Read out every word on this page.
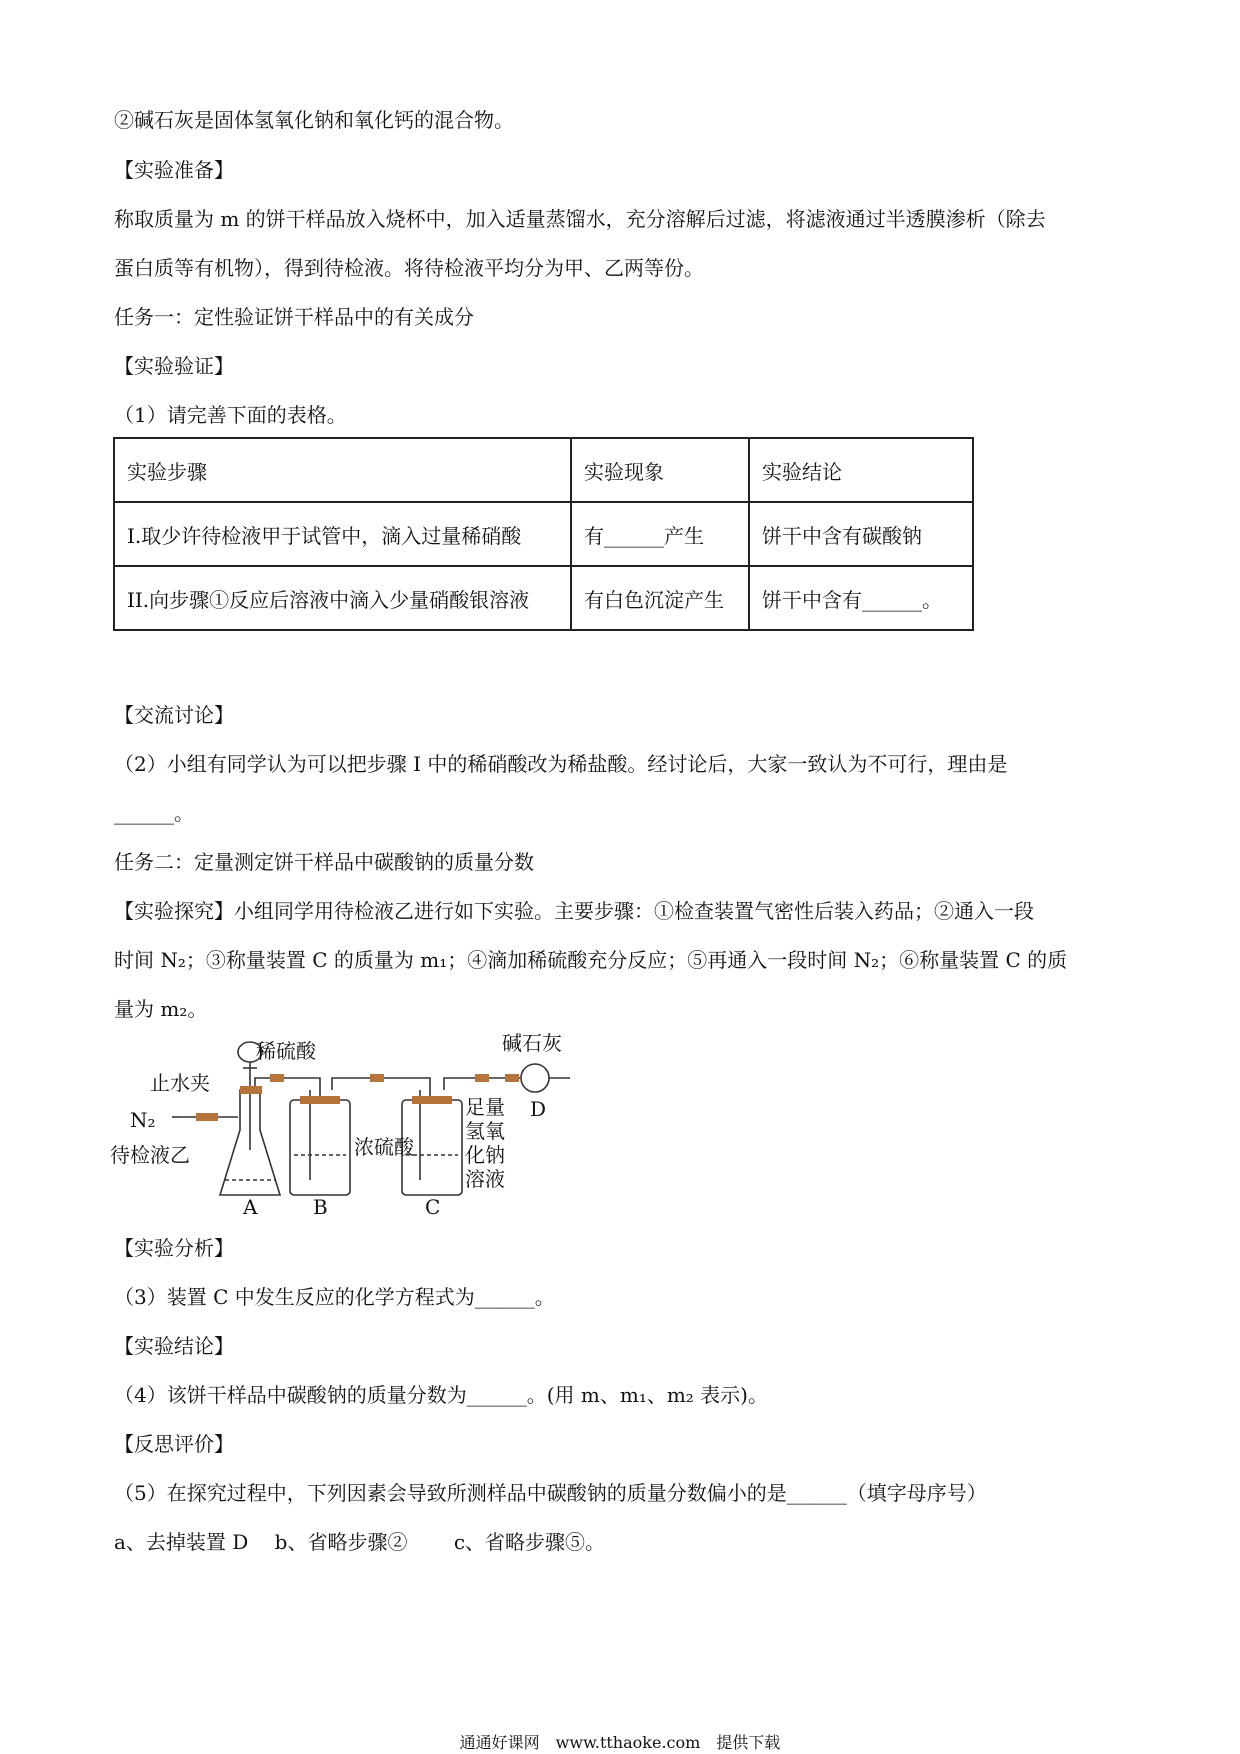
②碱石灰是固体氢氧化钠和氧化钙的混合物。
【实验准备】
称取质量为 m 的饼干样品放入烧杯中，加入适量蒸馏水，充分溶解后过滤，将滤液通过半透膜渗析（除去
蛋白质等有机物），得到待检液。将待检液平均分为甲、乙两等份。
任务一：定性验证饼干样品中的有关成分
【实验验证】
（1）请完善下面的表格。
实验步骤	实验现象	实验结论
I.取少许待检液甲于试管中，滴入过量稀硝酸	有______产生	饼干中含有碳酸钠
II.向步骤①反应后溶液中滴入少量硝酸银溶液	有白色沉淀产生	饼干中含有______。
【交流讨论】
（2）小组有同学认为可以把步骤 I 中的稀硝酸改为稀盐酸。经讨论后，大家一致认为不可行，理由是
______。
任务二：定量测定饼干样品中碳酸钠的质量分数
【实验探究】小组同学用待检液乙进行如下实验。主要步骤：①检查装置气密性后装入药品；②通入一段
时间 N₂；③称量装置 C 的质量为 m₁；④滴加稀硫酸充分反应；⑤再通入一段时间 N₂；⑥称量装置 C 的质
量为 m₂。
稀硫酸
止水夹
N₂
待检液乙	浓硫酸
足量
氢氧
化钠
溶液
碱石灰
A	B	C
D
【实验分析】
（3）装置 C 中发生反应的化学方程式为______。
【实验结论】
（4）该饼干样品中碳酸钠的质量分数为______。(用 m、m₁、m₂ 表示)。
【反思评价】
（5）在探究过程中，下列因素会导致所测样品中碳酸钠的质量分数偏小的是______（填字母序号）
a、去掉装置 D　 b、省略步骤②　　 c、省略步骤⑤。
通通好课网　www.tthaoke.com　提供下载
